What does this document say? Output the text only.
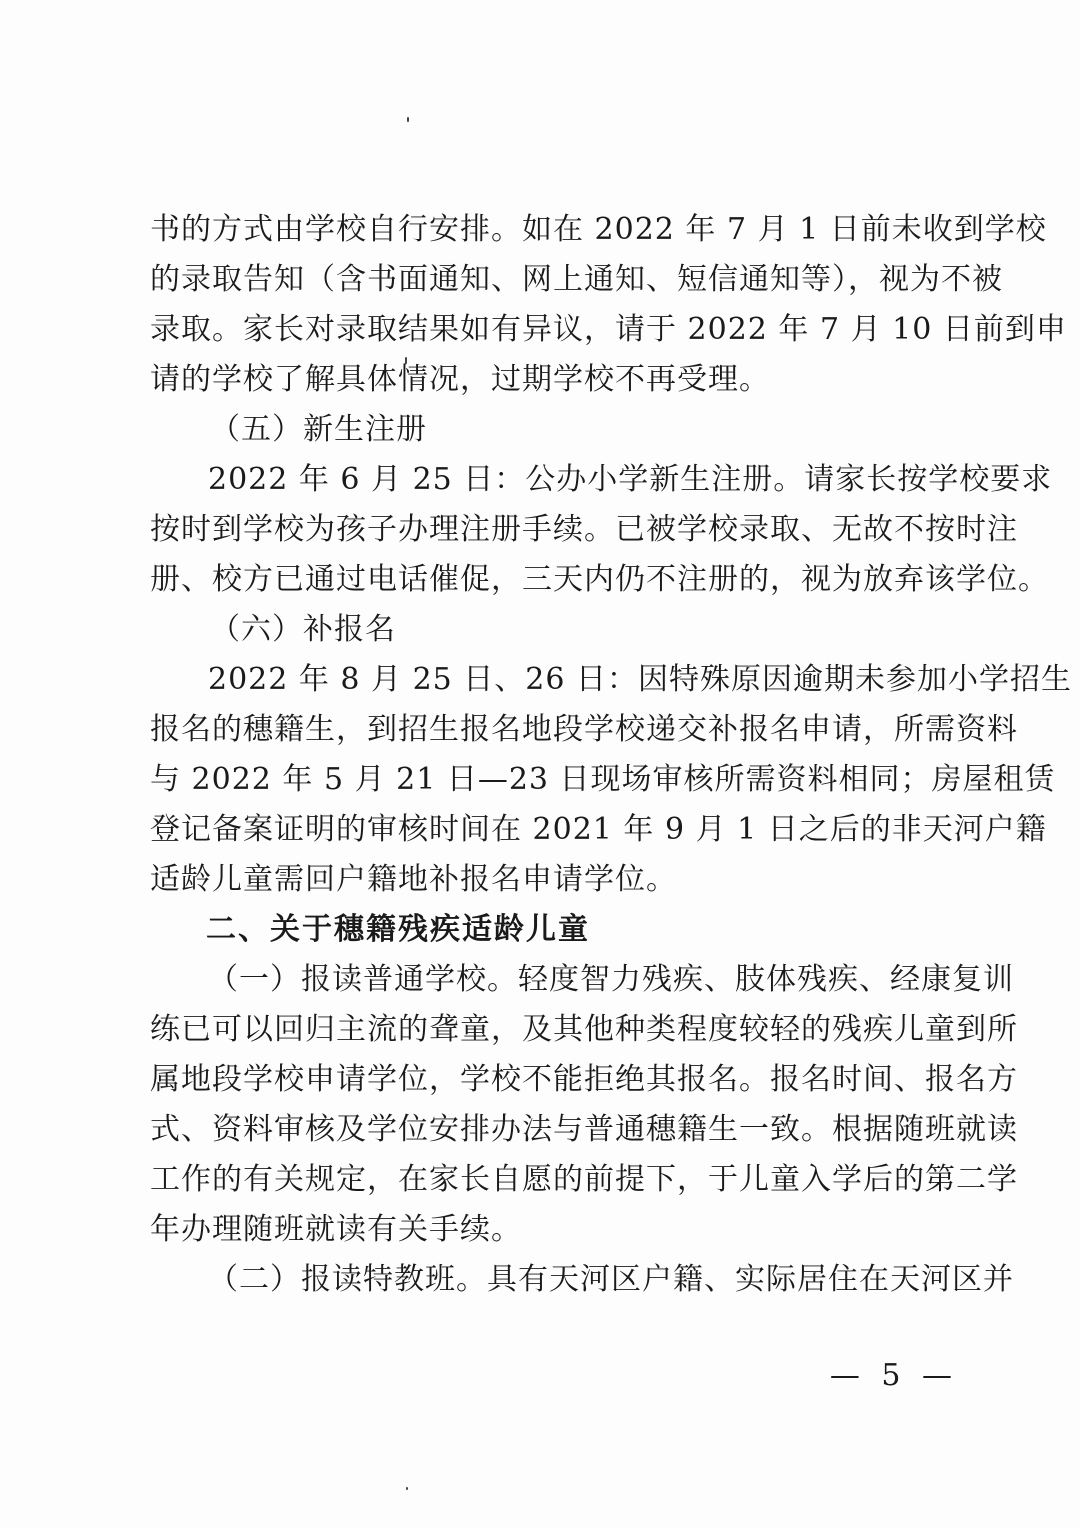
书的方式由学校自行安排。如在 2022 年 7 月 1 日前未收到学校
的录取告知（含书面通知、网上通知、短信通知等），视为不被
录取。家长对录取结果如有异议，请于 2022 年 7 月 10 日前到申
请的学校了解具体情况，过期学校不再受理。
（五）新生注册
2022 年 6 月 25 日：公办小学新生注册。请家长按学校要求
按时到学校为孩子办理注册手续。已被学校录取、无故不按时注
册、校方已通过电话催促，三天内仍不注册的，视为放弃该学位。
（六）补报名
2022 年 8 月 25 日、26 日：因特殊原因逾期未参加小学招生
报名的穗籍生，到招生报名地段学校递交补报名申请，所需资料
与 2022 年 5 月 21 日—23 日现场审核所需资料相同；房屋租赁
登记备案证明的审核时间在 2021 年 9 月 1 日之后的非天河户籍
适龄儿童需回户籍地补报名申请学位。
二、关于穗籍残疾适龄儿童
（一）报读普通学校。轻度智力残疾、肢体残疾、经康复训
练已可以回归主流的聋童，及其他种类程度较轻的残疾儿童到所
属地段学校申请学位，学校不能拒绝其报名。报名时间、报名方
式、资料审核及学位安排办法与普通穗籍生一致。根据随班就读
工作的有关规定，在家长自愿的前提下，于儿童入学后的第二学
年办理随班就读有关手续。
（二）报读特教班。具有天河区户籍、实际居住在天河区并
— 5 —
